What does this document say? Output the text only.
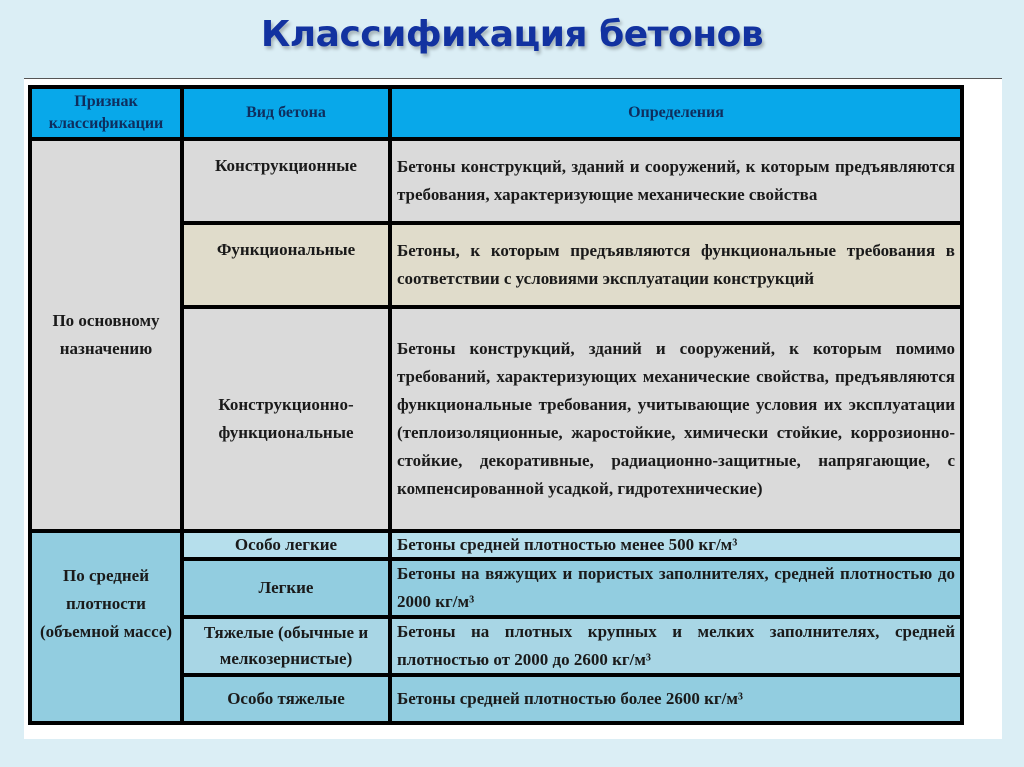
Классификация бетонов
Признак классификации	Вид бетона	Определения
По основному назначению	Конструкционные	Бетоны конструкций, зданий и сооружений, к которым предъявляются требования, характеризующие механические свойства
	Функциональные	Бетоны, к которым предъявляются функциональные требования в соответствии с условиями эксплуатации конструкций
	Конструкционно-функциональные	Бетоны конструкций, зданий и сооружений, к которым помимо требований, характеризующих механические свойства, предъявляются функциональные требования, учитывающие условия их эксплуатации (теплоизоляционные, жаростойкие, химически стойкие, коррозионно-стойкие, декоративные, радиационно-защитные, напрягающие, с компенсированной усадкой, гидротехнические)
По средней плотности (объемной массе)	Особо легкие	Бетоны средней плотностью менее 500 кг/м³
	Легкие	Бетоны на вяжущих и пористых заполнителях, средней плотностью до 2000 кг/м³
	Тяжелые (обычные и мелкозернистые)	Бетоны на плотных крупных и мелких заполнителях, средней плотностью от 2000 до 2600 кг/м³
	Особо тяжелые	Бетоны средней плотностью более 2600 кг/м³
